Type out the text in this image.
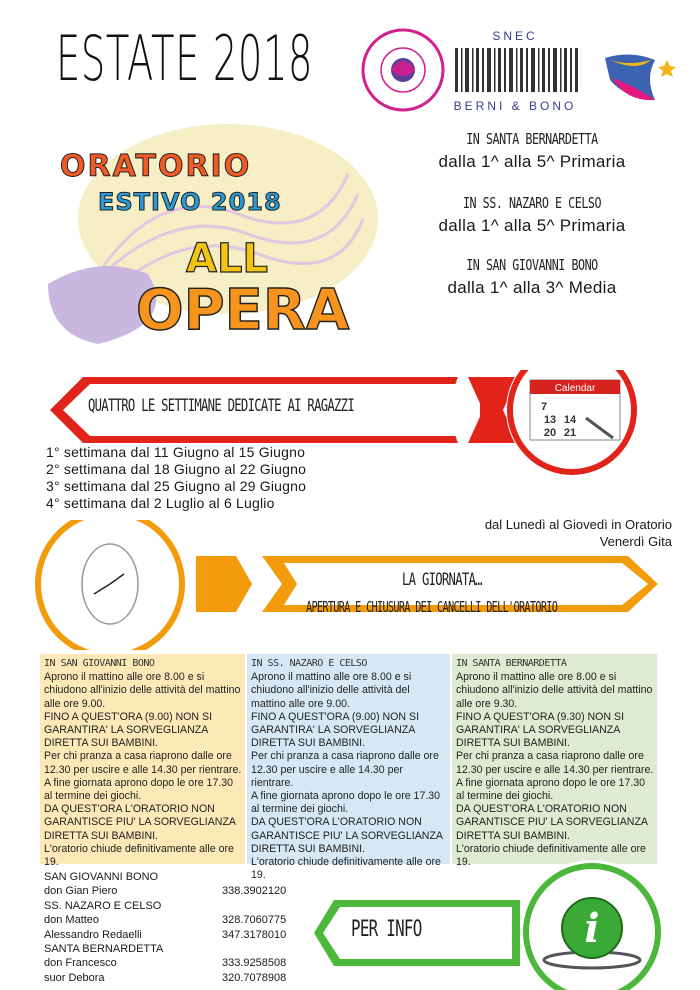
ESTATE 2018	SNEC
BERNI & BONO
ORATORIO
ESTIVO 2018
ALL
OPERA
IN SANTA BERNARDETTA
dalla 1^ alla 5^ Primaria
IN SS. NAZARO E CELSO
dalla 1^ alla 5^ Primaria
IN SAN GIOVANNI BONO
dalla 1^ alla 3^ Media
Calendar
7
13 14
20 21
QUATTRO LE SETTIMANE DEDICATE AI RAGAZZI
1° settimana dal 11 Giugno al 15 Giugno
2° settimana dal 18 Giugno al 22 Giugno
3° settimana dal 25 Giugno al 29 Giugno
4° settimana dal 2 Luglio al 6 Luglio
dal Lunedì al Giovedì in Oratorio
Venerdì Gita
LA GIORNATA…
APERTURA E CHIUSURA DEI CANCELLI DELL'ORATORIO
IN SAN GIOVANNI BONO

Aprono il mattino alle ore 8.00 e si chiudono all'inizio delle attività del mattino alle ore 9.00.

FINO A QUEST'ORA (9.00) NON SI GARANTIRA' LA SORVEGLIANZA DIRETTA SUI BAMBINI.

Per chi pranza a casa riaprono dalle ore 12.30 per uscire e alle 14.30 per rientrare.

A fine giornata aprono dopo le ore 17.30 al termine dei giochi.

DA QUEST'ORA L'ORATORIO NON GARANTISCE PIU' LA SORVEGLIANZA DIRETTA SUI BAMBINI.

L'oratorio chiude definitivamente alle ore 19.

IN SS. NAZARO E CELSO

Aprono il mattino alle ore 8.00 e si chiudono all'inizio delle attività del mattino alle ore 9.00.

FINO A QUEST'ORA (9.00) NON SI GARANTIRA' LA SORVEGLIANZA DIRETTA SUI BAMBINI.

Per chi pranza a casa riaprono dalle ore 12.30 per uscire e alle 14.30 per rientrare.

A fine giornata aprono dopo le ore 17.30 al termine dei giochi.

DA QUEST'ORA L'ORATORIO NON GARANTISCE PIU' LA SORVEGLIANZA DIRETTA SUI BAMBINI.

L'oratorio chiude definitivamente alle ore 19.

IN SANTA BERNARDETTA

Aprono il mattino alle ore 8.00 e si chiudono all'inizio delle attività del mattino alle ore 9.30.

FINO A QUEST'ORA (9.30) NON SI GARANTIRA' LA SORVEGLIANZA DIRETTA SUI BAMBINI.

Per chi pranza a casa riaprono dalle ore 12.30 per uscire e alle 14.30 per rientrare.

A fine giornata aprono dopo le ore 17.30 al termine dei giochi.

DA QUEST'ORA L'ORATORIO NON GARANTISCE PIU' LA SORVEGLIANZA DIRETTA SUI BAMBINI.

L'oratorio chiude definitivamente alle ore 19.

SAN GIOVANNI BONO
don Gian Piero	338.3902120
SS. NAZARO E CELSO
don Matteo	328.7060775
Alessandro Redaelli	347.3178010
SANTA BERNARDETTA
don Francesco	333.9258508
suor Debora	320.7078908
i
PER INFO
